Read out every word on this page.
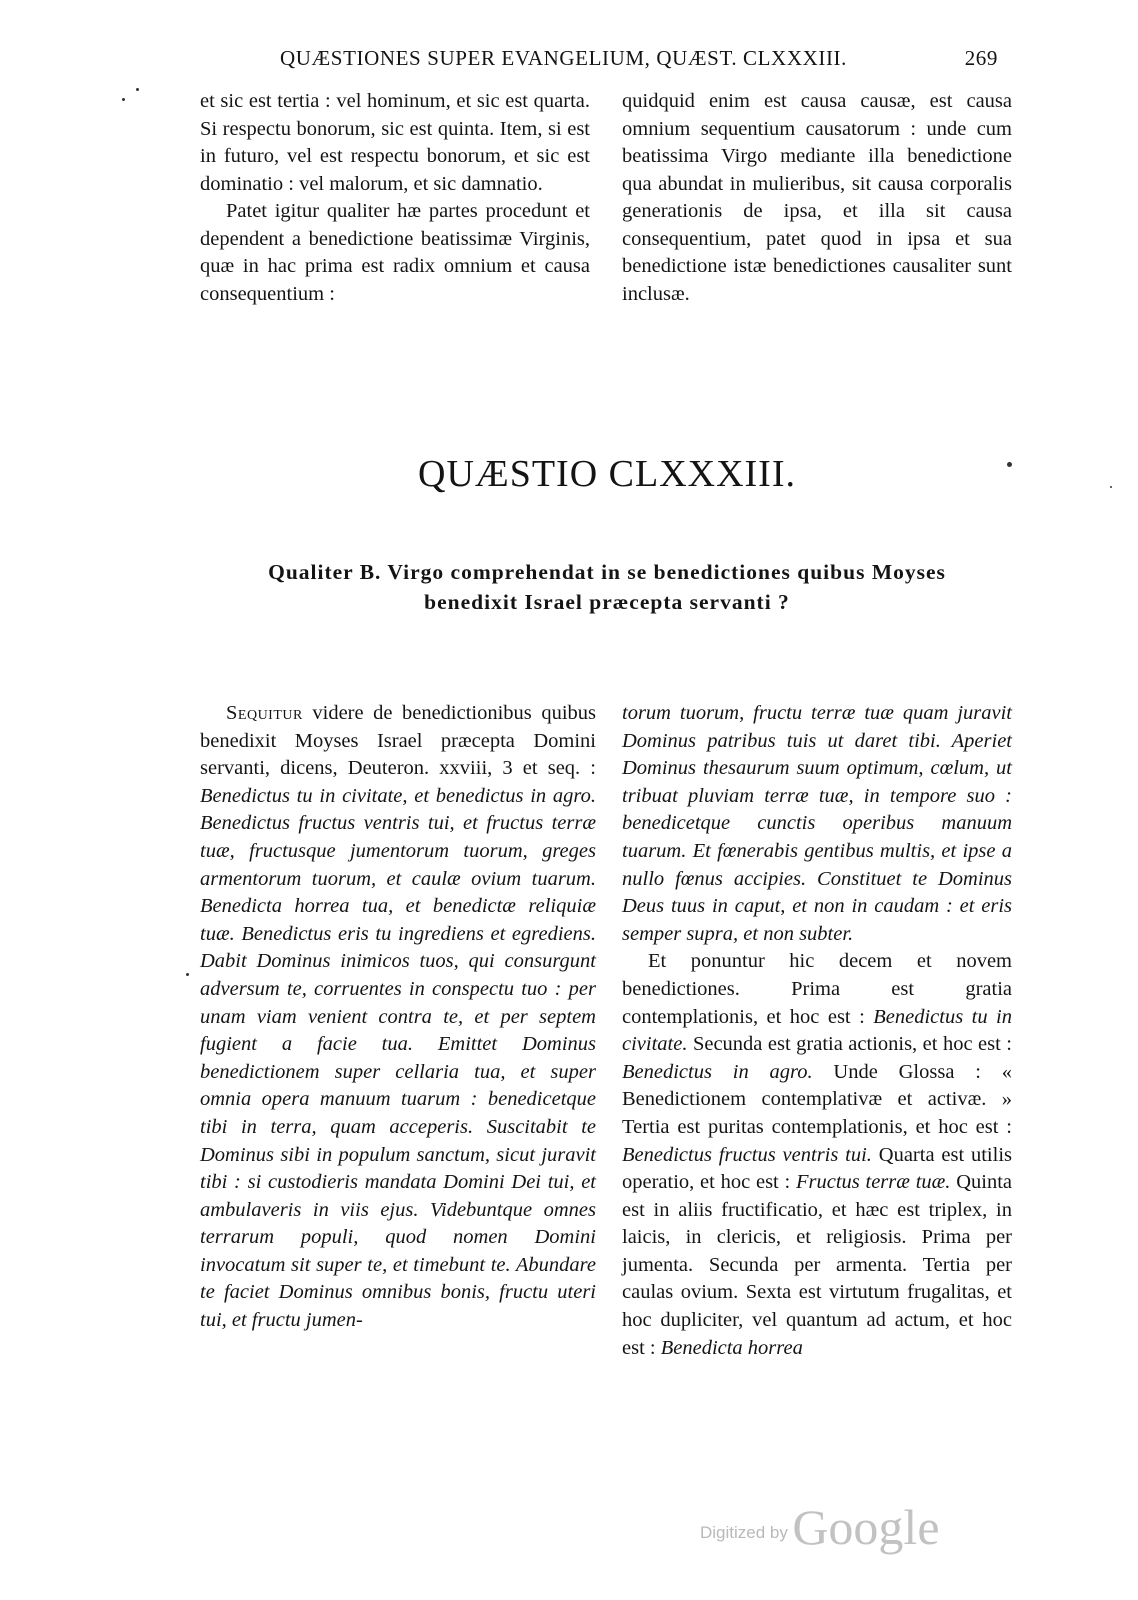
QUÆSTIONES SUPER EVANGELIUM, QUÆST. CLXXXIII.	269

et sic est tertia : vel hominum, et sic est quarta. Si respectu bonorum, sic est quinta. Item, si est in futuro, vel est respectu bonorum, et sic est dominatio : vel malorum, et sic damnatio.

Patet igitur qualiter hæ partes procedunt et dependent a benedictione beatissimæ Virginis, quæ in hac prima est radix omnium et causa consequentium :

quidquid enim est causa causæ, est causa omnium sequentium causatorum : unde cum beatissima Virgo mediante illa benedictione qua abundat in mulieribus, sit causa corporalis generationis de ipsa, et illa sit causa consequentium, patet quod in ipsa et sua benedictione istæ benedictiones causaliter sunt inclusæ.

QUÆSTIO CLXXXIII.
Qualiter B. Virgo comprehendat in se benedictiones quibus Moyses
benedixit Israel præcepta servanti ?

Sequitur videre de benedictionibus quibus benedixit Moyses Israel præcepta Domini servanti, dicens, Deuteron. xxviii, 3 et seq. : Benedictus tu in civitate, et benedictus in agro. Benedictus fructus ventris tui, et fructus terræ tuæ, fructusque jumentorum tuorum, greges armentorum tuorum, et caulæ ovium tuarum. Benedicta horrea tua, et benedictæ reliquiæ tuæ. Benedictus eris tu ingrediens et egrediens. Dabit Dominus inimicos tuos, qui consurgunt adversum te, corruentes in conspectu tuo : per unam viam venient contra te, et per septem fugient a facie tua. Emittet Dominus benedictionem super cellaria tua, et super omnia opera manuum tuarum : benedicetque tibi in terra, quam acceperis. Suscitabit te Dominus sibi in populum sanctum, sicut juravit tibi : si custodieris mandata Domini Dei tui, et ambulaveris in viis ejus. Videbuntque omnes terrarum populi, quod nomen Domini invocatum sit super te, et timebunt te. Abundare te faciet Dominus omnibus bonis, fructu uteri tui, et fructu jumen-

torum tuorum, fructu terræ tuæ quam juravit Dominus patribus tuis ut daret tibi. Aperiet Dominus thesaurum suum optimum, cœlum, ut tribuat pluviam terræ tuæ, in tempore suo : benedicetque cunctis operibus manuum tuarum. Et fœnerabis gentibus multis, et ipse a nullo fœnus accipies. Constituet te Dominus Deus tuus in caput, et non in caudam : et eris semper supra, et non subter.

Et ponuntur hic decem et novem benedictiones. Prima est gratia contemplationis, et hoc est : Benedictus tu in civitate. Secunda est gratia actionis, et hoc est : Benedictus in agro. Unde Glossa : « Benedictionem contemplativæ et activæ. » Tertia est puritas contemplationis, et hoc est : Benedictus fructus ventris tui. Quarta est utilis operatio, et hoc est : Fructus terræ tuæ. Quinta est in aliis fructificatio, et hæc est triplex, in laicis, in clericis, et religiosis. Prima per jumenta. Secunda per armenta. Tertia per caulas ovium. Sexta est virtutum frugalitas, et hoc dupliciter, vel quantum ad actum, et hoc est : Benedicta horrea

Digitized by Google
